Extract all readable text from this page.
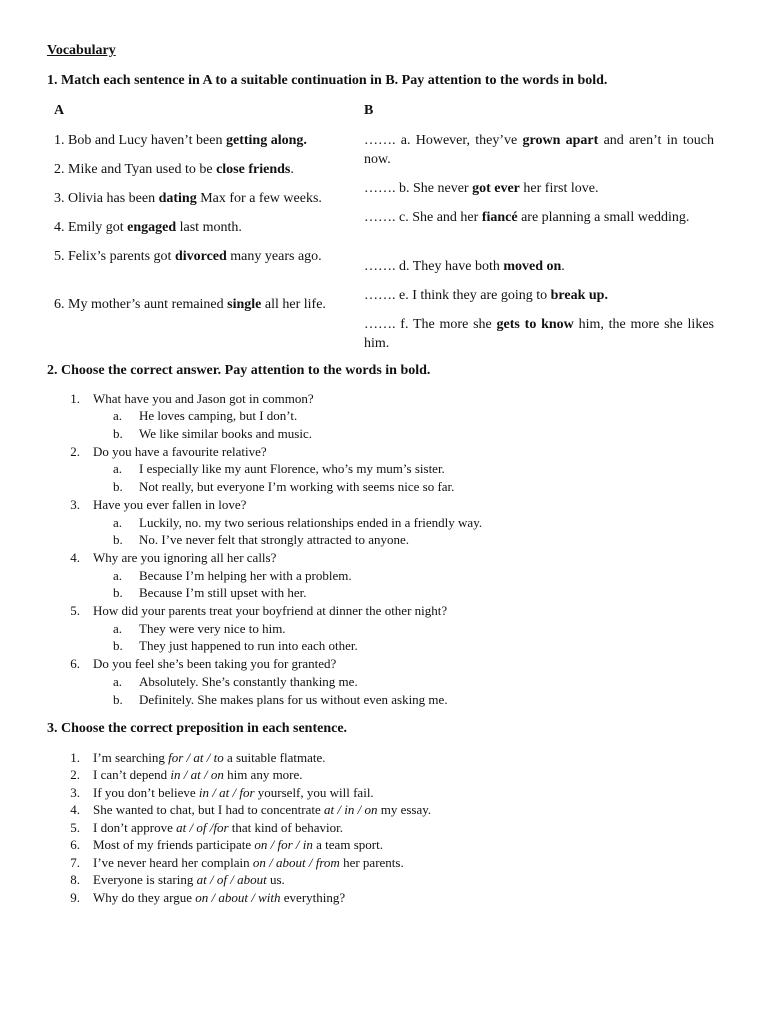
Vocabulary
1. Match each sentence in A to a suitable continuation in B. Pay attention to the words in bold.
A	B
1. Bob and Lucy haven’t been getting along.
2. Mike and Tyan used to be close friends.
3. Olivia has been dating Max for a few weeks.
4. Emily got engaged last month.
5. Felix’s parents got divorced many years ago.
6. My mother’s aunt remained single all her life.
……. a. However, they’ve grown apart and aren’t in touch now.
……. b. She never got ever her first love.
……. c. She and her fiancé are planning a small wedding.
……. d. They have both moved on.
……. e. I think they are going to break up.
……. f. The more she gets to know him, the more she likes him.
2. Choose the correct answer. Pay attention to the words in bold.
1. What have you and Jason got in common?
a.	He loves camping, but I don’t.
b.	We like similar books and music.
2. Do you have a favourite relative?
a.	I especially like my aunt Florence, who’s my mum’s sister.
b.	Not really, but everyone I’m working with seems nice so far.
3. Have you ever fallen in love?
a.	Luckily, no. my two serious relationships ended in a friendly way.
b.	No. I’ve never felt that strongly attracted to anyone.
4. Why are you ignoring all her calls?
a.	Because I’m helping her with a problem.
b.	Because I’m still upset with her.
5. How did your parents treat your boyfriend at dinner the other night?
a.	They were very nice to him.
b.	They just happened to run into each other.
6. Do you feel she’s been taking you for granted?
a.	Absolutely. She’s constantly thanking me.
b.	Definitely. She makes plans for us without even asking me.
3. Choose the correct preposition in each sentence.
1. I’m searching for / at / to a suitable flatmate.
2. I can’t depend in / at / on him any more.
3. If you don’t believe in / at / for yourself, you will fail.
4. She wanted to chat, but I had to concentrate at / in / on my essay.
5. I don’t approve at / of /for that kind of behavior.
6. Most of my friends participate on / for / in a team sport.
7. I’ve never heard her complain on / about / from her parents.
8. Everyone is staring at / of / about us.
9. Why do they argue on / about / with everything?
